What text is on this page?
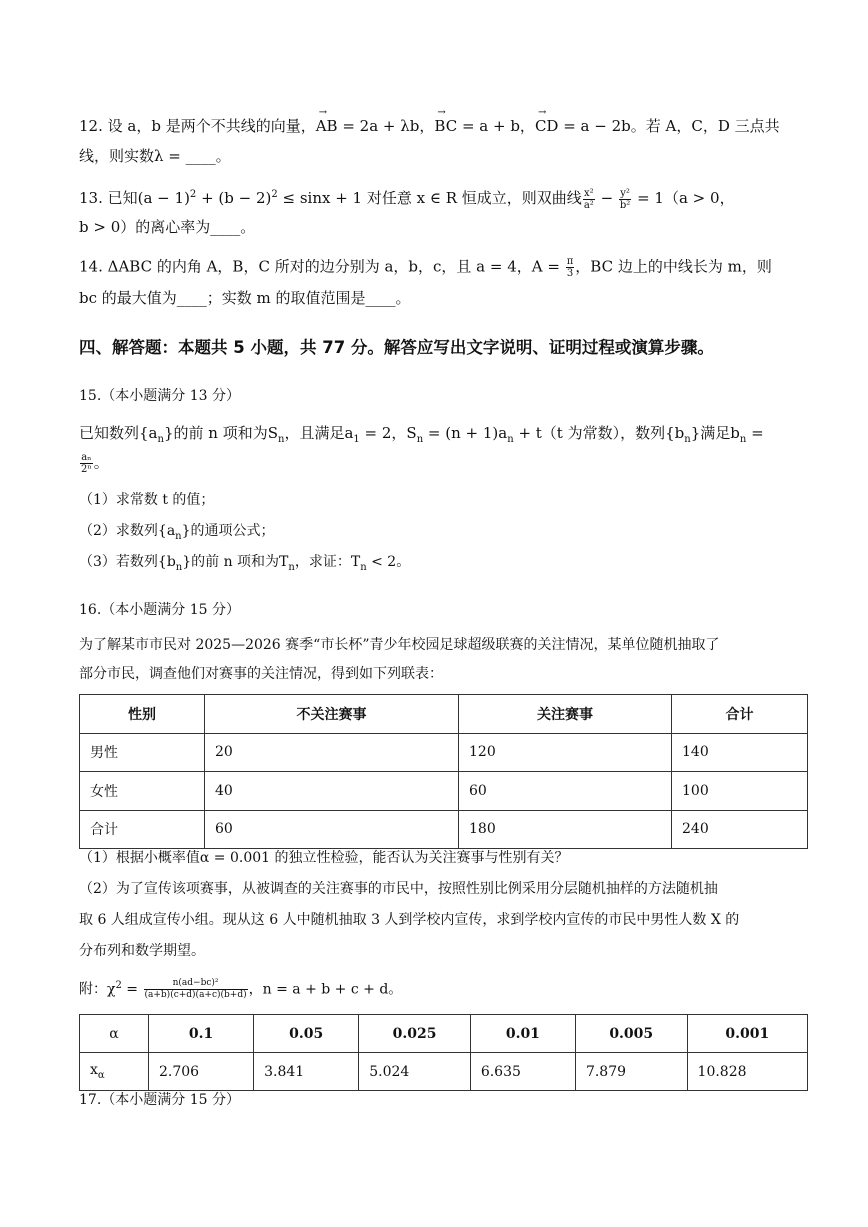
12. 设 a，b 是两个不共线的向量，→ AB = 2a + λb，→ BC = a + b，→ CD = a − 2b。若 A，C，D 三点共
线，则实数λ = ____。
13. 已知$(a - 1)^2 + (b - 2)^2 \le \sin x + 1$ 对任意 x ∈ R 恒成立，则双曲线 $\frac{\text{x²}}{\text{a²}} - \frac{\text{y²}}{\text{b²}} = 1(a > 0$，
b > 0）的离心率为____。
14. ΔABC 的内角 A，B，C 所对的边分别为 a，b，c，且 a = 4，$A = \frac{\pi}{3}$ ，BC 边上的中线长为 m，则
bc 的最大值为____；实数 m 的取值范围是____。
四、解答题：本题共 5 小题，共 77 分。解答应写出文字说明、证明过程或演算步骤。
15.（本小题满分 13 分）
已知数列$\{a_n\}$的前 n 项和为$S_n$，且满足$a_1 = 2$，$S_n = (n + 1)a_n + t(t$ 为常数），数列$\{b_n\}$满足$b_n$ =
$\frac{\text{aₙ}}{\text{2ⁿ}}$ 。
（1）求常数 t 的值；
（2）求数列$\{a_n\}$的通项公式；
（3）若数列$\{b_n\}$的前 n 项和为$T_n$，求证：$T_n < 2$。
16.（本小题满分 15 分）
为了解某市市民对 2025—2026 赛季“市长杯”青少年校园足球超级联赛的关注情况，某单位随机抽取了
部分市民，调查他们对赛事的关注情况，得到如下列联表：
性别	不关注赛事	关注赛事	合计
男性	20	120	140
女性	40	60	100
合计	60	180	240
（1）根据小概率值α = 0.001 的独立性检验，能否认为关注赛事与性别有关？
（2）为了宣传该项赛事，从被调查的关注赛事的市民中，按照性别比例采用分层随机抽样的方法随机抽
取 6 人组成宣传小组。现从这 6 人中随机抽取 3 人到学校内宣传，求到学校内宣传的市民中男性人数 X 的
分布列和数学期望。
附：$\chi^2 = \frac{\text{n(ad−bc)²}}{(a+b)(c+d)(a+c)(b+d)}$ ，n = a + b + c + d。
α	0.1	0.05	0.025	0.01	0.005	0.001
$x_\alpha$	2.706	3.841	5.024	6.635	7.879	10.828
17.（本小题满分 15 分）
